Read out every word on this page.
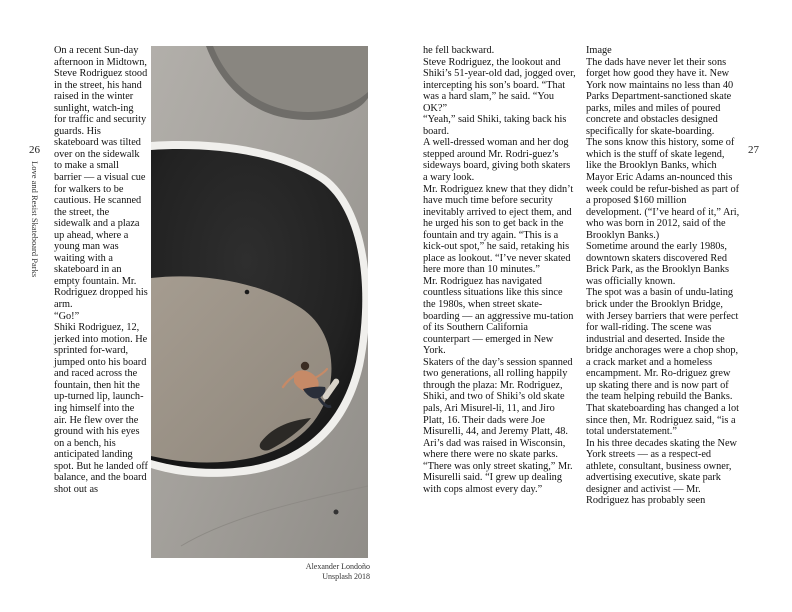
26
Love and Resist Skateboard Parks

On a recent Sun-day afternoon in Midtown, Steve Rodriguez stood in the street, his hand raised in the winter sunlight, watch-ing for traffic and security guards. His skateboard was tilted over on the sidewalk to make a small barrier — a visual cue for walkers to be cautious. He scanned the street, the sidewalk and a plaza up ahead, where a young man was waiting with a skateboard in an empty fountain. Mr. Rodriguez dropped his arm.

“Go!”

Shiki Rodriguez, 12, jerked into motion. He sprinted for-ward, jumped onto his board and raced across the fountain, then hit the up-turned lip, launch-ing himself into the air. He flew over the ground with his eyes on a bench, his anticipated landing spot. But he landed off balance, and the board shot out as

Alexander Londoño
Unsplash 2018

he fell backward.

Steve Rodriguez, the lookout and Shiki’s 51-year-old dad, jogged over, intercepting his son’s board. “That was a hard slam,” he said. “You OK?”

“Yeah,” said Shiki, taking back his board.

A well-dressed woman and her dog stepped around Mr. Rodri-guez’s sideways board, giving both skaters a wary look.

Mr. Rodriguez knew that they didn’t have much time before security inevitably arrived to eject them, and he urged his son to get back in the fountain and try again. “This is a kick-out spot,” he said, retaking his place as lookout. “I’ve never skated here more than 10 minutes.”

Mr. Rodriguez has navigated countless situations like this since the 1980s, when street skate-boarding — an aggressive mu-tation of its Southern California counterpart — emerged in New York.

Skaters of the day’s session spanned two generations, all rolling happily through the plaza: Mr. Rodriguez, Shiki, and two of Shiki’s old skate pals, Ari Misurel-li, 11, and Jiro Platt, 16. Their dads were Joe Misurelli, 44, and Jeremy Platt, 48.

Ari’s dad was raised in Wisconsin, where there were no skate parks. “There was only street skating,” Mr. Misurelli said. “I grew up dealing with cops almost every day.”

Image

The dads have never let their sons forget how good they have it. New York now maintains no less than 40 Parks Department-sanctioned skate parks, miles and miles of poured concrete and obstacles designed specifically for skate-boarding.

The sons know this history, some of which is the stuff of skate legend, like the Brooklyn Banks, which Mayor Eric Adams an-nounced this week could be refur-bished as part of a proposed $160 million development. (“I’ve heard of it,” Ari, who was born in 2012, said of the Brooklyn Banks.)

Sometime around the early 1980s, downtown skaters discovered Red Brick Park, as the Brooklyn Banks was officially known.

The spot was a basin of undu-lating brick under the Brooklyn Bridge, with Jersey barriers that were perfect for wall-riding. The scene was industrial and deserted. Inside the bridge anchorages were a chop shop, a crack market and a homeless encampment. Mr. Ro-driguez grew up skating there and is now part of the team helping rebuild the Banks.

That skateboarding has changed a lot since then, Mr. Rodriguez said, “is a total understatement.”

In his three decades skating the New York streets — as a respect-ed athlete, consultant, business owner, advertising executive, skate park designer and activist — Mr. Rodriguez has probably seen

27
